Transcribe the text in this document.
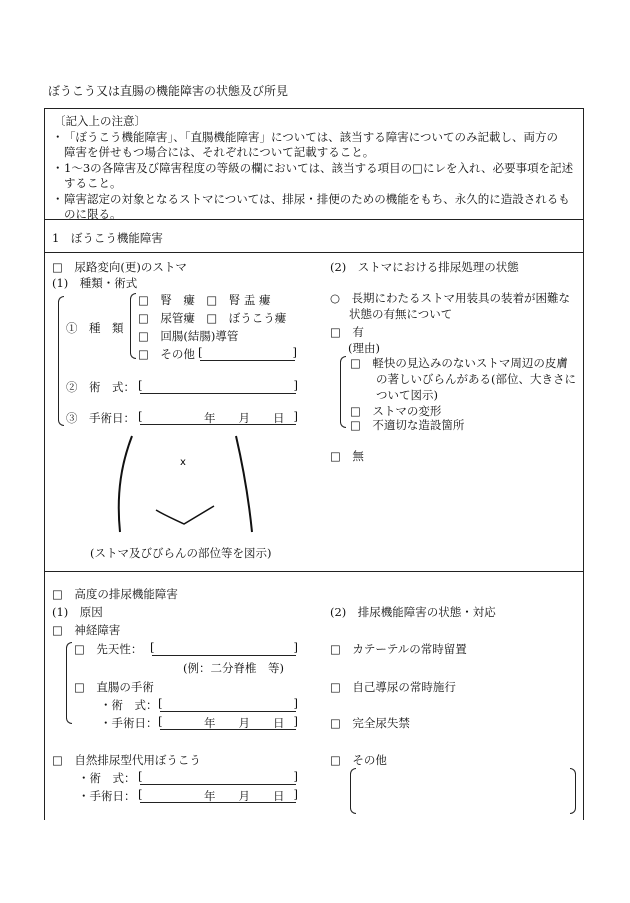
ぼうこう又は直腸の機能障害の状態及び所見
〔記入上の注意〕
・ 「ぼうこう機能障害」、「直腸機能障害」については、該当する障害についてのみ記載し、両方の
障害を併せもつ場合には、それぞれについて記載すること。
・ 1～3の各障害及び障害程度の等級の欄においては、該当する項目の□にレを入れ、必要事項を記述
すること。
・ 障害認定の対象となるストマについては、排尿・排便のための機能をもち、永久的に造設されるも
のに限る。
1　ぼうこう機能障害
□　尿路変向(更)のストマ
(1)　種類・術式
①　種　類
□　腎　瘻　□　腎 盂 瘻
□　尿管瘻　□　ぼうこう瘻
□　回腸(結腸)導管
□　その他 [	]
②　術　式： [	]
③　手術日： [	年　　月　　日 ]
x
(ストマ及びびらんの部位等を図示)
(2)　ストマにおける排尿処理の状態
○　長期にわたるストマ用装具の装着が困難な
状態の有無について
□　有
(理由)
□　軽快の見込みのないストマ周辺の皮膚
の著しいびらんがある(部位、大きさに
ついて図示)
□　ストマの変形
□　不適切な造設箇所
□　無
□　高度の排尿機能障害
(1)　原因
□　神経障害
□　先天性： [	]
(例：二分脊椎　等)
□　直腸の手術
・術　式： [	]
・手術日： [	年　　月　　日 ]
□　自然排尿型代用ぼうこう
・術　式： [	]
・手術日： [	年　　月　　日 ]
(2)　排尿機能障害の状態・対応
□　カテーテルの常時留置
□　自己導尿の常時施行
□　完全尿失禁
□　その他
